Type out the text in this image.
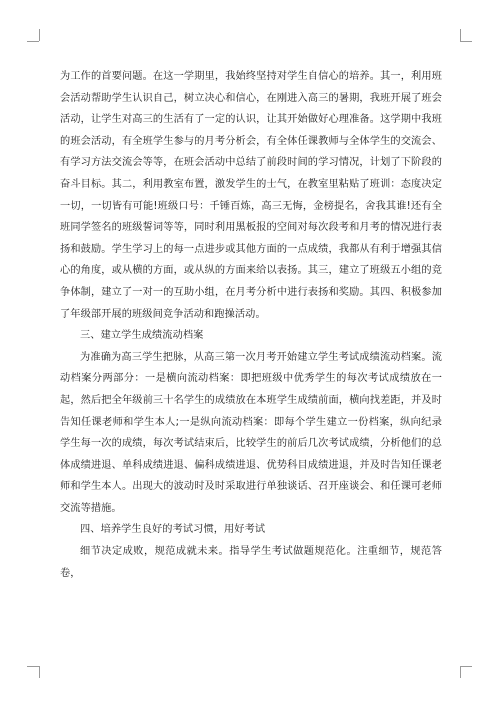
为工作的首要问题。在这一学期里，我始终坚持对学生自信心的培养。其一，利用班会活动帮助学生认识自己，树立决心和信心，在刚进入高三的暑期，我班开展了班会活动，让学生对高三的生活有了一定的认识，让其开始做好心理准备。这学期中我班的班会活动，有全班学生参与的月考分析会，有全体任课教师与全体学生的交流会、有学习方法交流会等等，在班会活动中总结了前段时间的学习情况，计划了下阶段的奋斗目标。其二，利用教室布置，激发学生的士气，在教室里粘贴了班训：态度决定一切，一切皆有可能!班级口号：千锤百炼，高三无悔，金榜提名，舍我其谁!还有全班同学签名的班级誓词等等，同时利用黑板报的空间对每次段考和月考的情况进行表扬和鼓励。学生学习上的每一点进步或其他方面的一点成绩，我都从有利于增强其信心的角度，或从横的方面，或从纵的方面来给以表扬。其三，建立了班级五小组的竞争体制，建立了一对一的互助小组，在月考分析中进行表扬和奖励。其四、积极参加了年级部开展的班级间竞争活动和跑操活动。

三、建立学生成绩流动档案

为准确为高三学生把脉，从高三第一次月考开始建立学生考试成绩流动档案。流动档案分两部分：一是横向流动档案：即把班级中优秀学生的每次考试成绩放在一起，然后把全年级前三十名学生的成绩放在本班学生成绩前面，横向找差距，并及时告知任课老师和学生本人;一是纵向流动档案：即每个学生建立一份档案，纵向纪录学生每一次的成绩，每次考试结束后，比较学生的前后几次考试成绩，分析他们的总体成绩进退、单科成绩进退、偏科成绩进退、优势科目成绩进退，并及时告知任课老师和学生本人。出现大的波动时及时采取进行单独谈话、召开座谈会、和任课可老师交流等措施。

四、培养学生良好的考试习惯，用好考试

细节决定成败，规范成就未来。指导学生考试做题规范化。注重细节，规范答卷，
